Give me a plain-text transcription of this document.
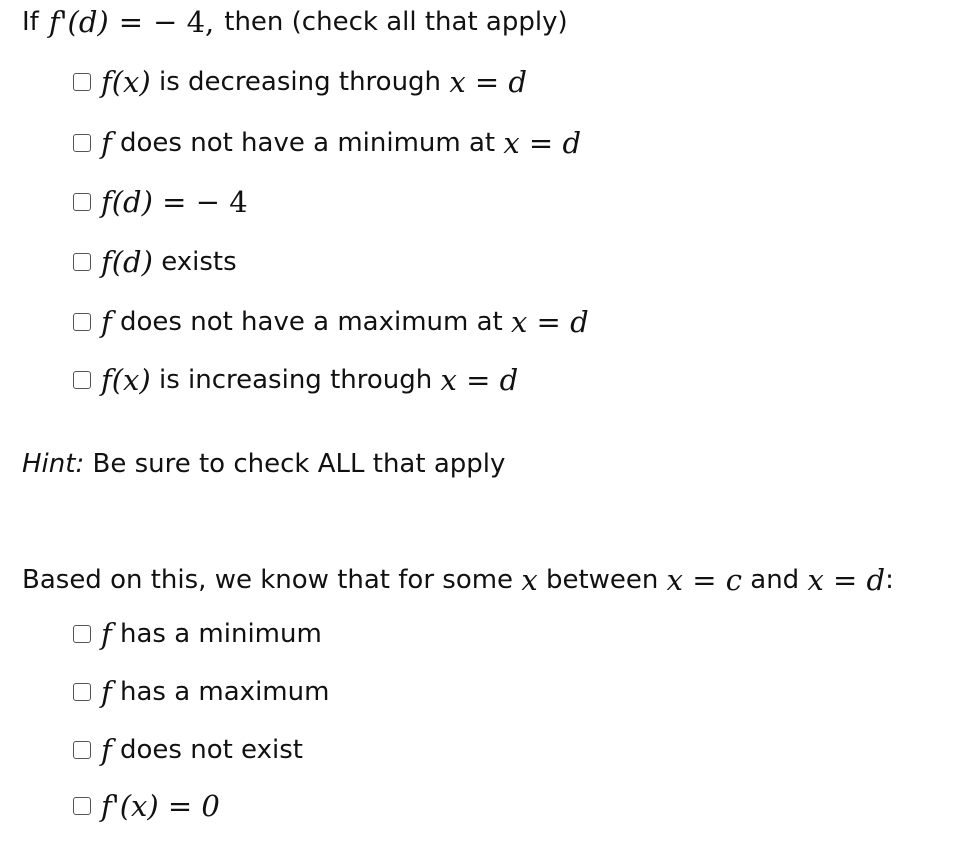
If f ' (d) = − 4, then (check all that apply)
f(x) is decreasing through x = d
f does not have a minimum at x = d
f(d) = − 4
f(d) exists
f does not have a maximum at x = d
f(x) is increasing through x = d
Hint: Be sure to check ALL that apply
Based on this, we know that for some x between x = c and x = d :
f has a minimum
f has a maximum
f does not exist
f '(x) = 0
